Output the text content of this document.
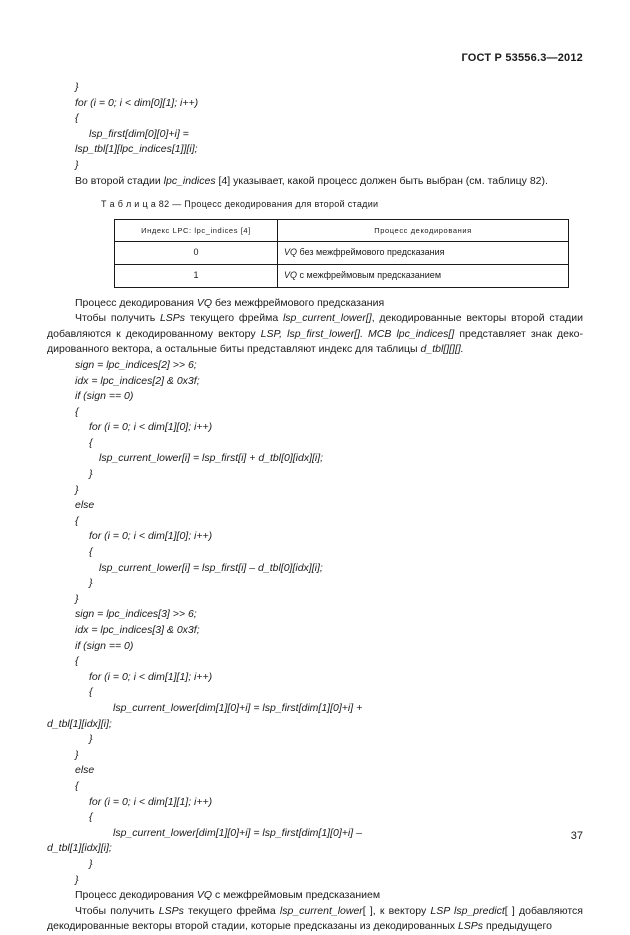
ГОСТ Р 53556.3—2012
}
for (i = 0; i < dim[0][1]; i++)
{
lsp_first[dim[0][0]+i] =
lsp_tbl[1][lpc_indices[1]][i];
}
Во второй стадии lpc_indices [4] указывает, какой процесс должен быть выбран (см. таблицу 82).
Т а б л и ц а 82 — Процесс декодирования для второй стадии
Индекс LPC: lpc_indices [4]	Процесс декодирования
0	VQ без межфреймового предсказания
1	VQ с межфреймовым предсказанием
Процесс декодирования VQ без межфреймового предсказания
Чтобы получить LSPs текущего фрейма lsp_current_lower[], декодированные векторы второй стадии добавляются к декодированному вектору LSP, lsp_first_lower[]. MCB lpc_indices[] представляет знак деко-дированного вектора, а остальные биты представляют индекс для таблицы d_tbl[][][].
sign = lpc_indices[2] >> 6;
idx = lpc_indices[2] & 0x3f;
if (sign == 0)
{
for (i = 0; i < dim[1][0]; i++)
{
lsp_current_lower[i] = lsp_first[i] + d_tbl[0][idx][i];
}
}
else
{
for (i = 0; i < dim[1][0]; i++)
{
lsp_current_lower[i] = lsp_first[i] – d_tbl[0][idx][i];
}
}
sign = lpc_indices[3] >> 6;
idx = lpc_indices[3] & 0x3f;
if (sign == 0)
{
for (i = 0; i < dim[1][1]; i++)
{
lsp_current_lower[dim[1][0]+i] = lsp_first[dim[1][0]+i] +
d_tbl[1][idx][i];
}
}
else
{
for (i = 0; i < dim[1][1]; i++)
{
lsp_current_lower[dim[1][0]+i] = lsp_first[dim[1][0]+i] –
d_tbl[1][idx][i];
}
}
Процесс декодирования VQ с межфреймовым предсказанием
Чтобы получить LSPs текущего фрейма lsp_current_lower[ ], к вектору LSP lsp_predict[ ] добавляются декодированные векторы второй стадии, которые предсказаны из декодированных LSPs предыдущего
37
